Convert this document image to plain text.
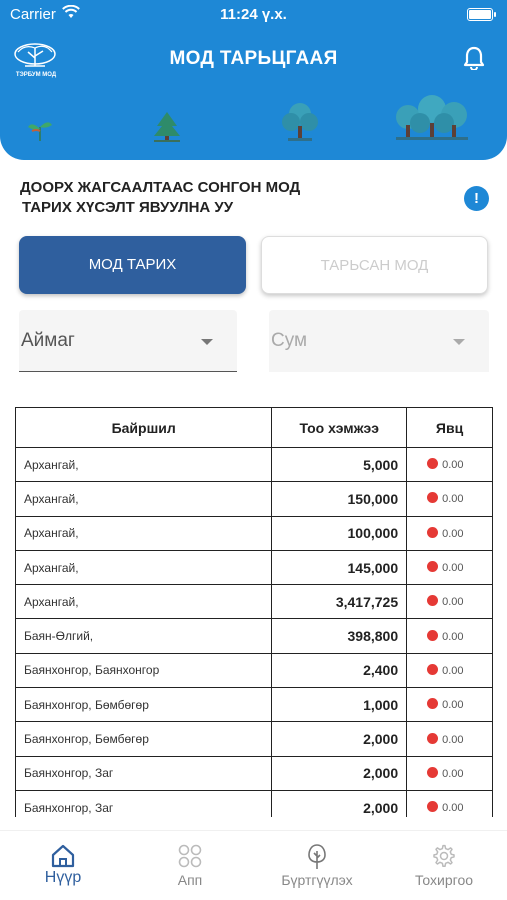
Carrier	11:24 ү.х.
ТЭРБУМ МОД
МОД ТАРЬЦГААЯ
ДООРХ ЖАГСААЛТААС СОНГОН МОД
ТАРИХ ХҮСЭЛТ ЯВУУЛНА УУ
!
МОД ТАРИХ	ТАРЬСАН МОД
Аймаг	Сум
Байршил	Тоо хэмжээ	Явц
Архангай,	5,000	0.00
Архангай,	150,000	0.00
Архангай,	100,000	0.00
Архангай,	145,000	0.00
Архангай,	3,417,725	0.00
Баян-Өлгий,	398,800	0.00
Баянхонгор, Баянхонгор	2,400	0.00
Баянхонгор, Бөмбөгөр	1,000	0.00
Баянхонгор, Бөмбөгөр	2,000	0.00
Баянхонгор, Заг	2,000	0.00
Баянхонгор, Заг	2,000	0.00
Нүүр	Апп	Бүртгүүлэх	Тохиргоо
